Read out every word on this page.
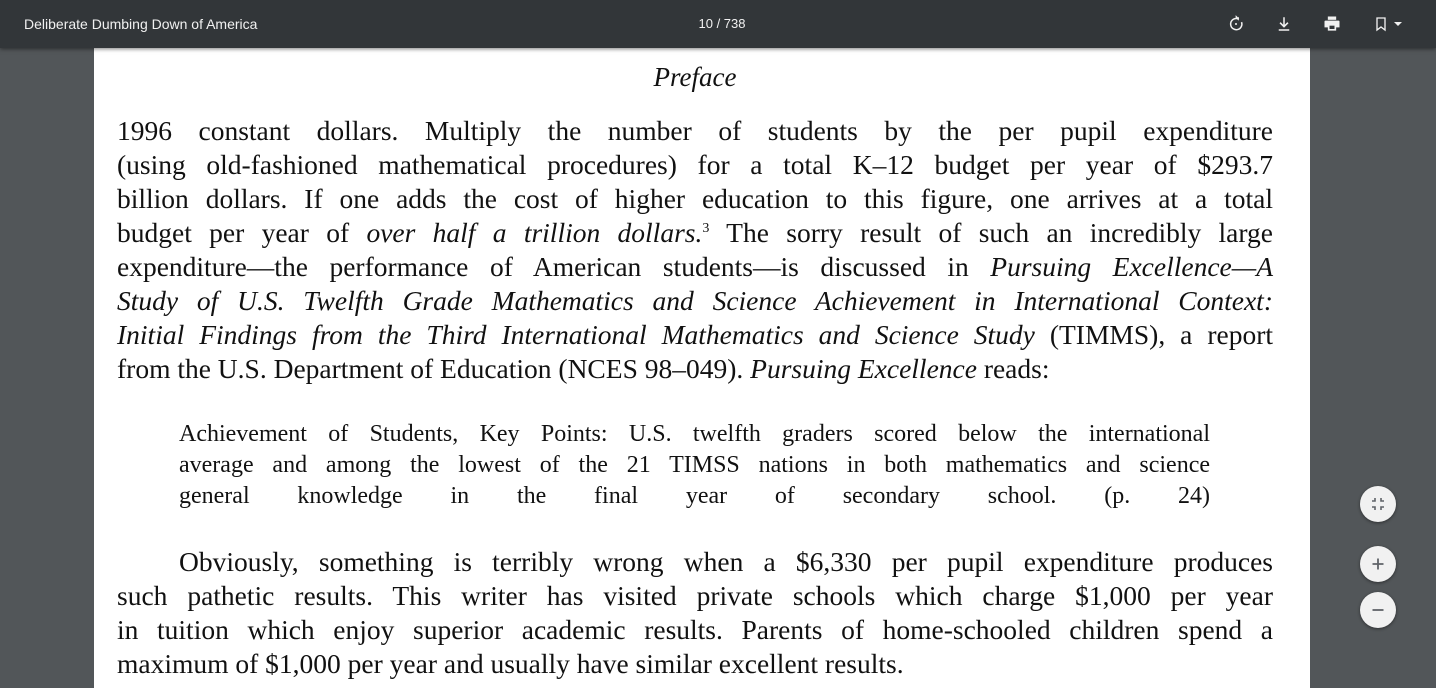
Deliberate Dumbing Down of America	10 / 738
Preface
1996 constant dollars. Multiply the number of students by the per pupil expenditure
(using old-fashioned mathematical procedures) for a total K–12 budget per year of $293.7
billion dollars. If one adds the cost of higher education to this figure, one arrives at a total
budget per year of over half a trillion dollars.$^3$ The sorry result of such an incredibly large
expenditure—the performance of American students—is discussed in Pursuing Excellence—A
Study of U.S. Twelfth Grade Mathematics and Science Achievement in International Context:
Initial Findings from the Third International Mathematics and Science Study (TIMMS), a report
from the U.S. Department of Education (NCES 98–049). Pursuing Excellence reads:
Achievement of Students, Key Points: U.S. twelfth graders scored below the international
average and among the lowest of the 21 TIMSS nations in both mathematics and science
general knowledge in the final year of secondary school. (p. 24)
Obviously, something is terribly wrong when a $6,330 per pupil expenditure produces
such pathetic results. This writer has visited private schools which charge $1,000 per year
in tuition which enjoy superior academic results. Parents of home-schooled children spend a
maximum of $1,000 per year and usually have similar excellent results.
